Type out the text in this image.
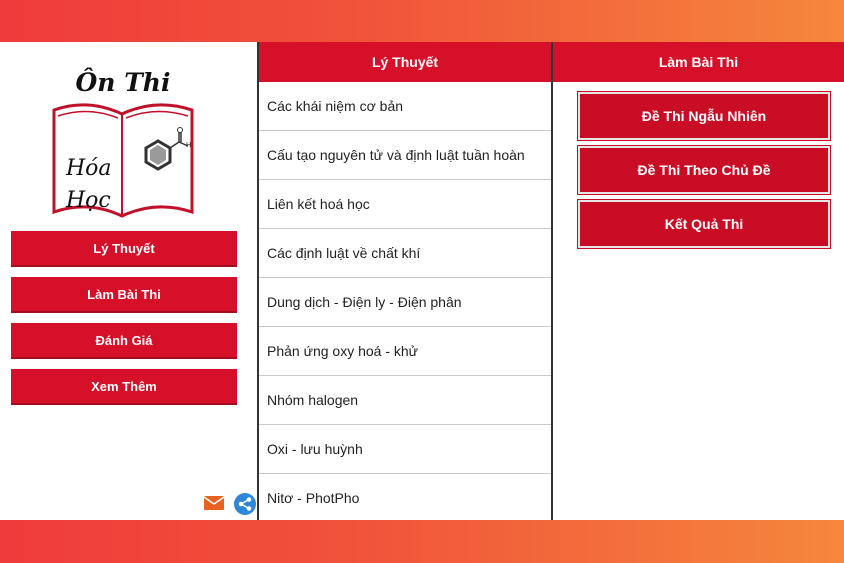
Ôn Thi
Hóa
Học
H
Lý Thuyết
Làm Bài Thi
Đánh Giá
Xem Thêm
Lý Thuyết
Các khái niệm cơ bản
Cấu tạo nguyên tử và định luật tuần hoàn
Liên kết hoá học
Các định luật về chất khí
Dung dịch - Điện ly - Điện phân
Phản ứng oxy hoá - khử
Nhóm halogen
Oxi - lưu huỳnh
Nitơ - PhotPho
Làm Bài Thi
Đề Thi Ngẫu Nhiên
Đề Thi Theo Chủ Đề
Kết Quả Thi
